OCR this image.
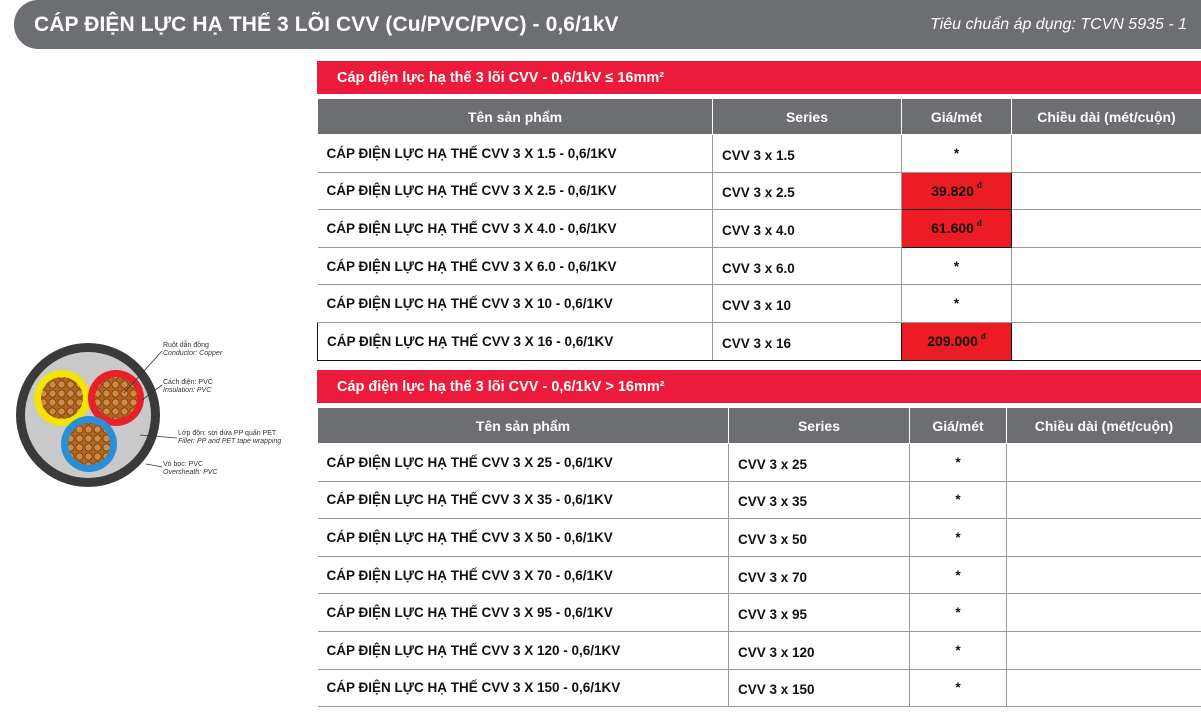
CÁP ĐIỆN LỰC HẠ THẾ 3 LÕI CVV (Cu/PVC/PVC) - 0,6/1kV	Tiêu chuẩn áp dụng: TCVN 5935 - 1
Ruột dẫn đồng
Conductor: Copper
Cách điện: PVC
Insulation: PVC
Lớp độn: sợi dứa PP quấn PET
Filler: PP and PET tape wrapping
Vỏ bọc: PVC
Oversheath: PVC
Cáp điện lực hạ thế 3 lõi CVV - 0,6/1kV ≤ 16mm²
Tên sản phẩm	Series	Giá/mét	Chiều dài (mét/cuộn)
CÁP ĐIỆN LỰC HẠ THẾ CVV 3 X 1.5 - 0,6/1KV	CVV 3 x 1.5	*	
CÁP ĐIỆN LỰC HẠ THẾ CVV 3 X 2.5 - 0,6/1KV	CVV 3 x 2.5	39.820 $^đ$	
CÁP ĐIỆN LỰC HẠ THẾ CVV 3 X 4.0 - 0,6/1KV	CVV 3 x 4.0	61.600 $^đ$	
CÁP ĐIỆN LỰC HẠ THẾ CVV 3 X 6.0 - 0,6/1KV	CVV 3 x 6.0	*	
CÁP ĐIỆN LỰC HẠ THẾ CVV 3 X 10 - 0,6/1KV	CVV 3 x 10	*	
CÁP ĐIỆN LỰC HẠ THẾ CVV 3 X 16 - 0,6/1KV	CVV 3 x 16	209.000 $^đ$	
Cáp điện lực hạ thế 3 lõi CVV - 0,6/1kV > 16mm²
Tên sản phẩm	Series	Giá/mét	Chiều dài (mét/cuộn)
CÁP ĐIỆN LỰC HẠ THẾ CVV 3 X 25 - 0,6/1KV	CVV 3 x 25	*	
CÁP ĐIỆN LỰC HẠ THẾ CVV 3 X 35 - 0,6/1KV	CVV 3 x 35	*	
CÁP ĐIỆN LỰC HẠ THẾ CVV 3 X 50 - 0,6/1KV	CVV 3 x 50	*	
CÁP ĐIỆN LỰC HẠ THẾ CVV 3 X 70 - 0,6/1KV	CVV 3 x 70	*	
CÁP ĐIỆN LỰC HẠ THẾ CVV 3 X 95 - 0,6/1KV	CVV 3 x 95	*	
CÁP ĐIỆN LỰC HẠ THẾ CVV 3 X 120 - 0,6/1KV	CVV 3 x 120	*	
CÁP ĐIỆN LỰC HẠ THẾ CVV 3 X 150 - 0,6/1KV	CVV 3 x 150	*	
